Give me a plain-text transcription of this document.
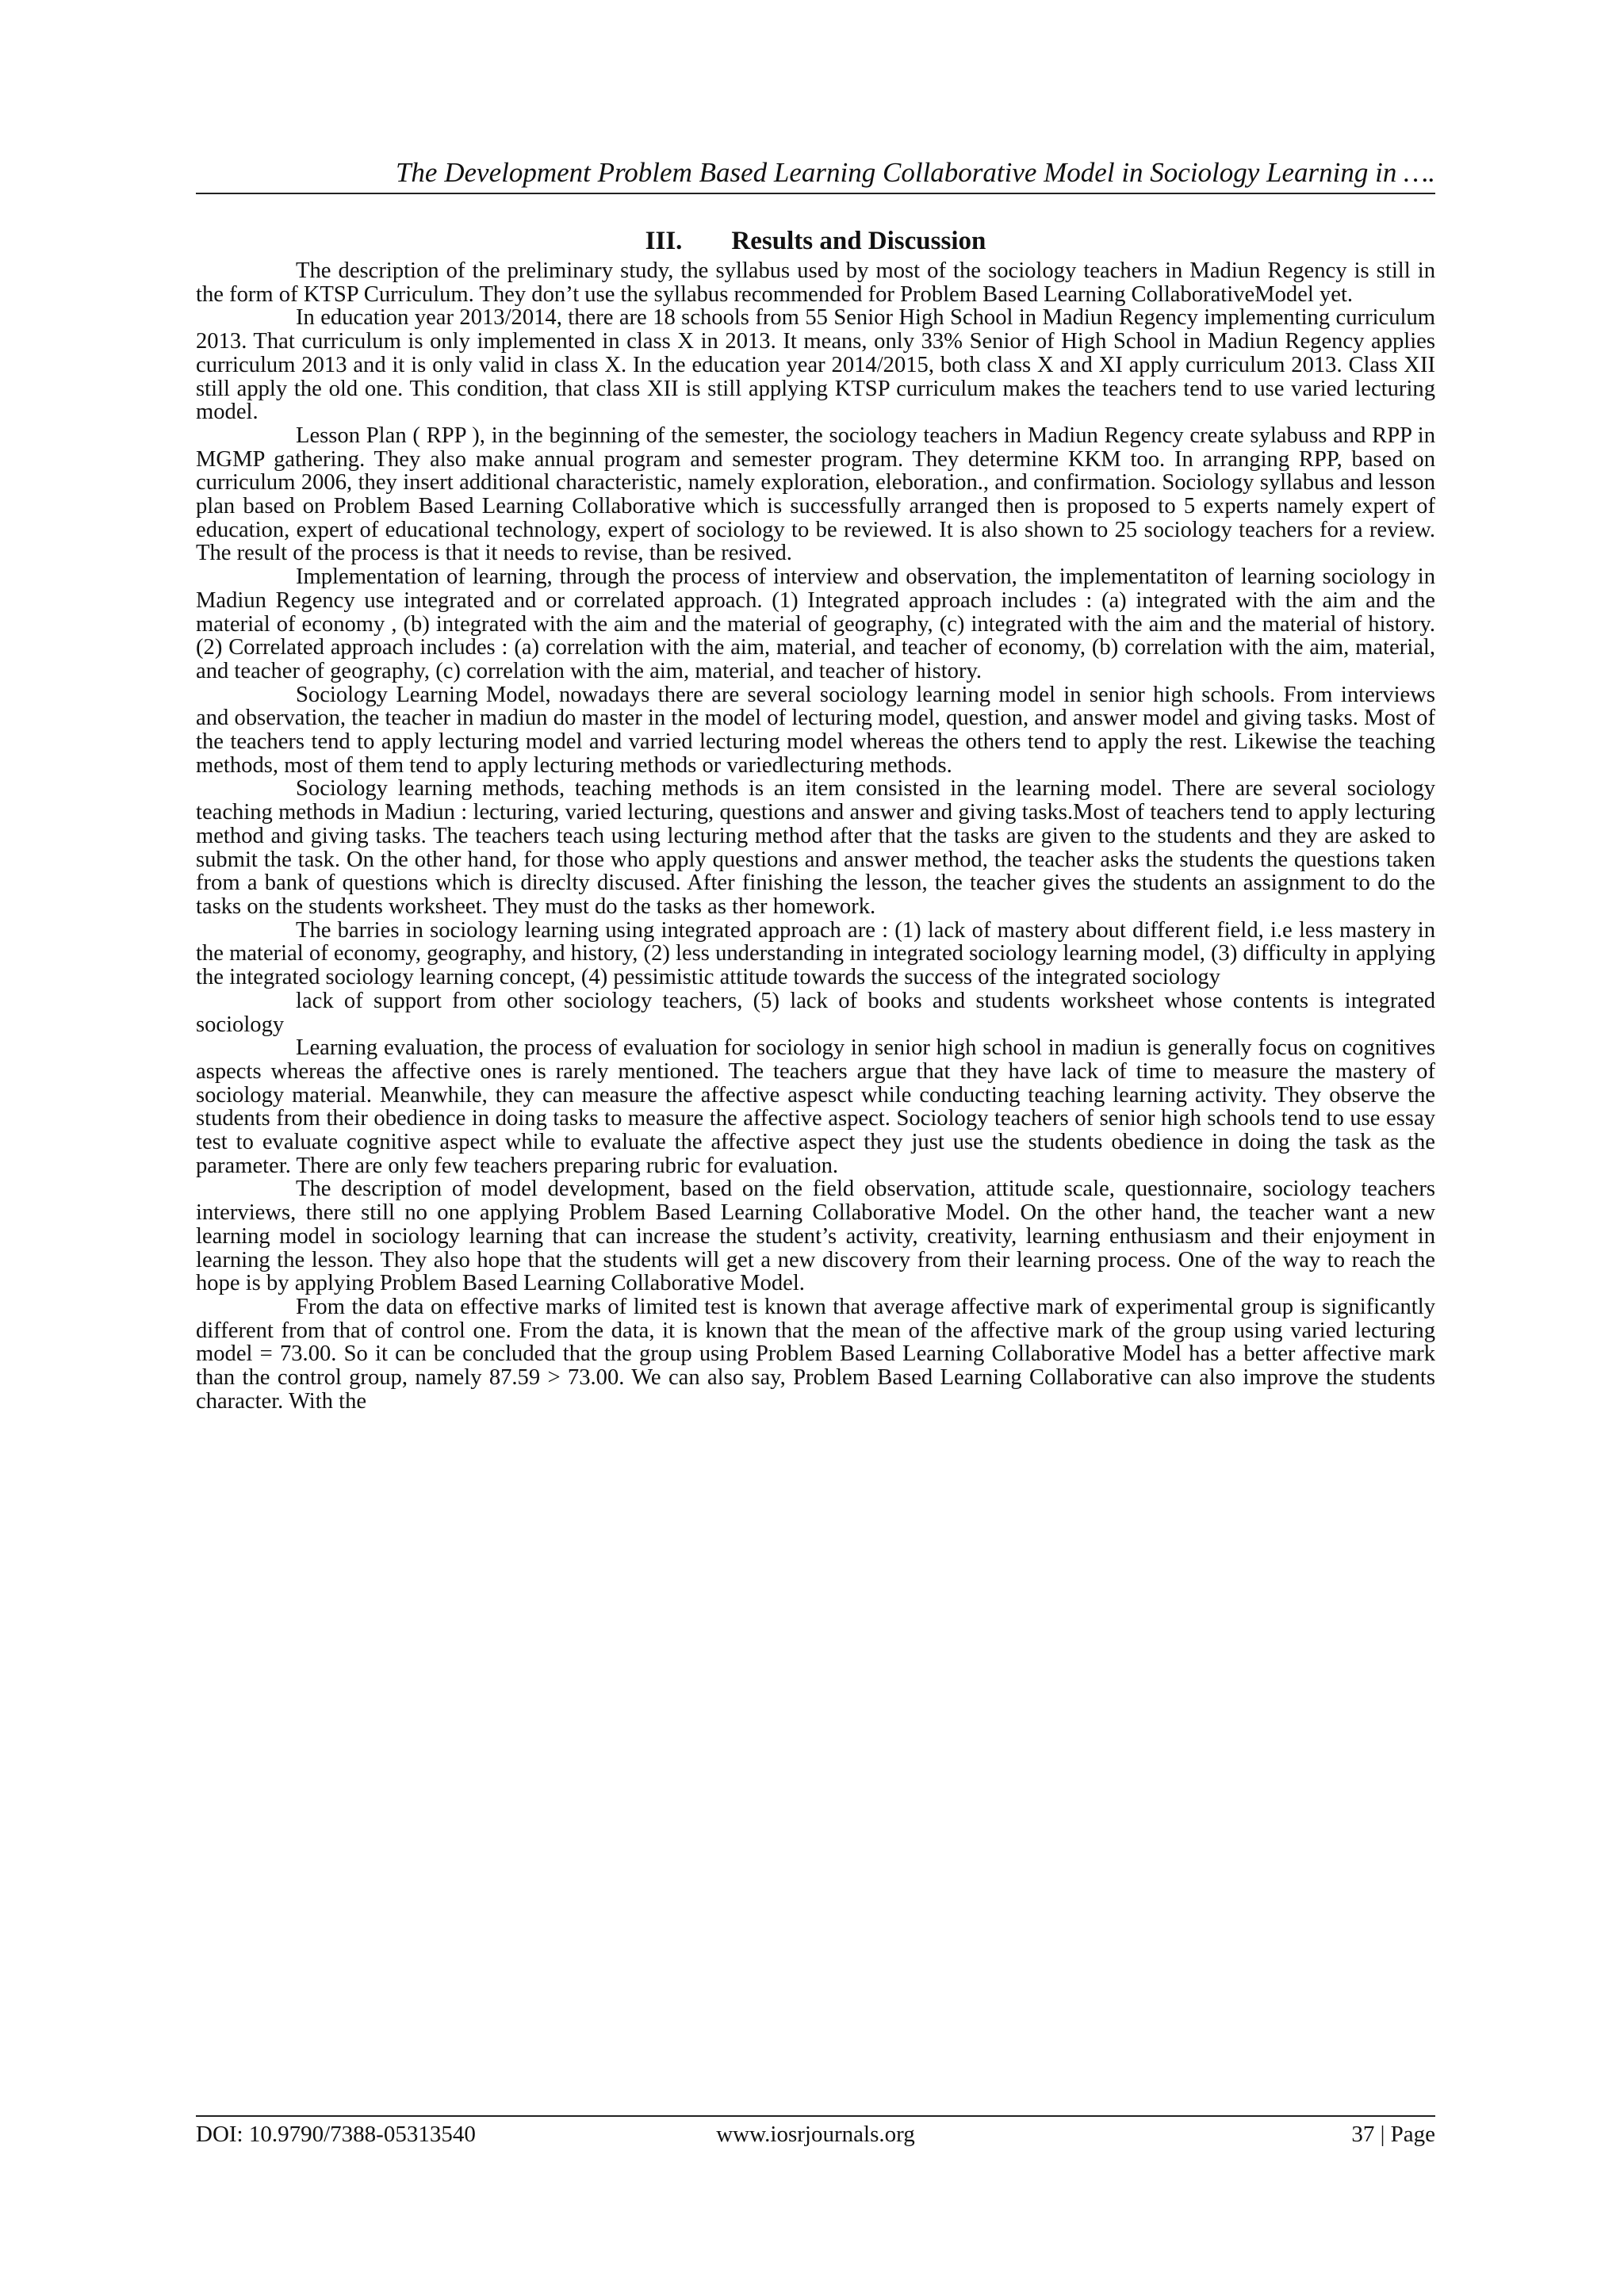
The Development Problem Based Learning Collaborative Model in Sociology Learning in ….
III. Results and Discussion

The description of the preliminary study, the syllabus used by most of the sociology teachers in Madiun Regency is still in the form of KTSP Curriculum. They don’t use the syllabus recommended for Problem Based Learning CollaborativeModel yet.

In education year 2013/2014, there are 18 schools from 55 Senior High School in Madiun Regency implementing curriculum 2013. That curriculum is only implemented in class X in 2013. It means, only 33% Senior of High School in Madiun Regency applies curriculum 2013 and it is only valid in class X. In the education year 2014/2015, both class X and XI apply curriculum 2013. Class XII still apply the old one. This condition, that class XII is still applying KTSP curriculum makes the teachers tend to use varied lecturing model.

Lesson Plan ( RPP ), in the beginning of the semester, the sociology teachers in Madiun Regency create sylabuss and RPP in MGMP gathering. They also make annual program and semester program. They determine KKM too. In arranging RPP, based on curriculum 2006, they insert additional characteristic, namely exploration, eleboration., and confirmation. Sociology syllabus and lesson plan based on Problem Based Learning Collaborative which is successfully arranged then is proposed to 5 experts namely expert of education, expert of educational technology, expert of sociology to be reviewed. It is also shown to 25 sociology teachers for a review. The result of the process is that it needs to revise, than be resived.

Implementation of learning, through the process of interview and observation, the implementatiton of learning sociology in Madiun Regency use integrated and or correlated approach. (1) Integrated approach includes : (a) integrated with the aim and the material of economy , (b) integrated with the aim and the material of geography, (c) integrated with the aim and the material of history. (2) Correlated approach includes : (a) correlation with the aim, material, and teacher of economy, (b) correlation with the aim, material, and teacher of geography, (c) correlation with the aim, material, and teacher of history.

Sociology Learning Model, nowadays there are several sociology learning model in senior high schools. From interviews and observation, the teacher in madiun do master in the model of lecturing model, question, and answer model and giving tasks. Most of the teachers tend to apply lecturing model and varried lecturing model whereas the others tend to apply the rest. Likewise the teaching methods, most of them tend to apply lecturing methods or variedlecturing methods.

Sociology learning methods, teaching methods is an item consisted in the learning model. There are several sociology teaching methods in Madiun : lecturing, varied lecturing, questions and answer and giving tasks.Most of teachers tend to apply lecturing method and giving tasks. The teachers teach using lecturing method after that the tasks are given to the students and they are asked to submit the task. On the other hand, for those who apply questions and answer method, the teacher asks the students the questions taken from a bank of questions which is direclty discused. After finishing the lesson, the teacher gives the students an assignment to do the tasks on the students worksheet. They must do the tasks as ther homework.

The barries in sociology learning using integrated approach are : (1) lack of mastery about different field, i.e less mastery in the material of economy, geography, and history, (2) less understanding in integrated sociology learning model, (3) difficulty in applying the integrated sociology learning concept, (4) pessimistic attitude towards the success of the integrated sociology

lack of support from other sociology teachers, (5) lack of books and students worksheet whose contents is integrated sociology

Learning evaluation, the process of evaluation for sociology in senior high school in madiun is generally focus on cognitives aspects whereas the affective ones is rarely mentioned. The teachers argue that they have lack of time to measure the mastery of sociology material. Meanwhile, they can measure the affective aspesct while conducting teaching learning activity. They observe the students from their obedience in doing tasks to measure the affective aspect. Sociology teachers of senior high schools tend to use essay test to evaluate cognitive aspect while to evaluate the affective aspect they just use the students obedience in doing the task as the parameter. There are only few teachers preparing rubric for evaluation.

The description of model development, based on the field observation, attitude scale, questionnaire, sociology teachers interviews, there still no one applying Problem Based Learning Collaborative Model. On the other hand, the teacher want a new learning model in sociology learning that can increase the student’s activity, creativity, learning enthusiasm and their enjoyment in learning the lesson. They also hope that the students will get a new discovery from their learning process. One of the way to reach the hope is by applying Problem Based Learning Collaborative Model.

From the data on effective marks of limited test is known that average affective mark of experimental group is significantly different from that of control one. From the data, it is known that the mean of the affective mark of the group using varied lecturing model = 73.00. So it can be concluded that the group using Problem Based Learning Collaborative Model has a better affective mark than the control group, namely 87.59 > 73.00. We can also say, Problem Based Learning Collaborative can also improve the students character. With the

DOI: 10.9790/7388-05313540	www.iosrjournals.org	37 | Page
